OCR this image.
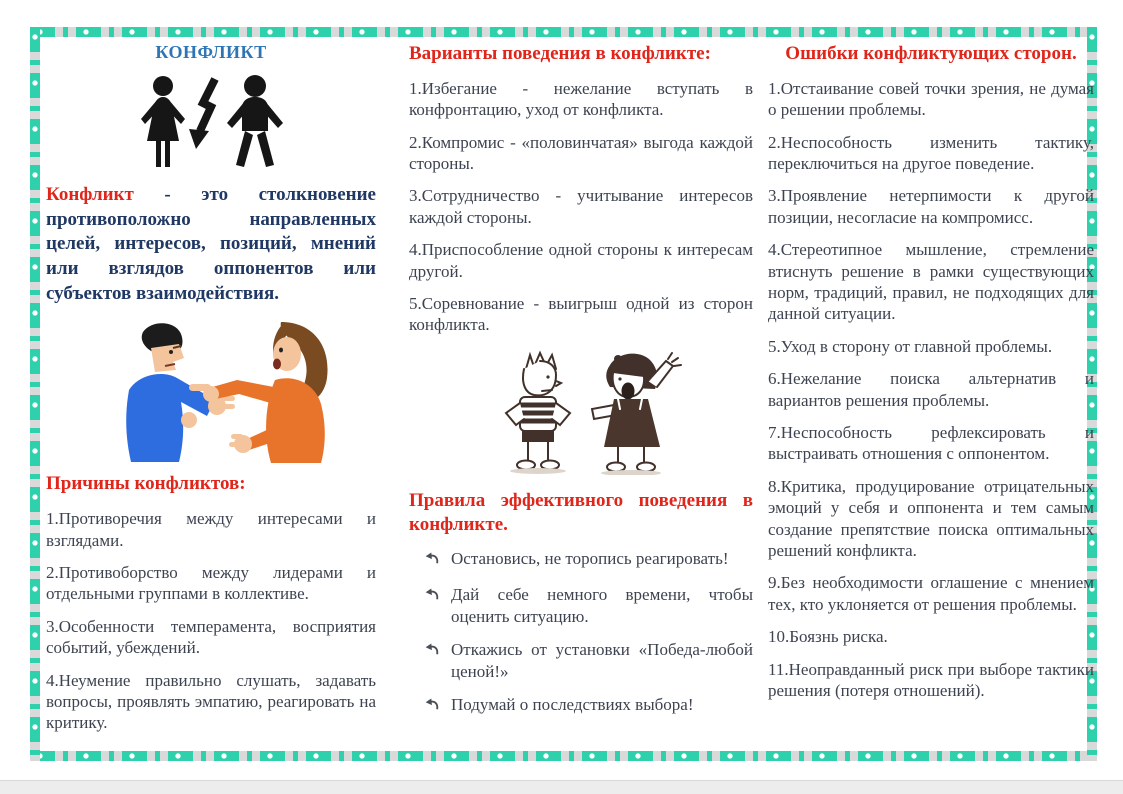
КОНФЛИКТ

Конфликт - это столкновение противоположно направленных целей, интересов, позиций, мнений или взглядов оппонентов или субъектов взаимодействия.

Причины конфликтов:

1.Противоречия между интересами и взглядами.

2.Противоборство между лидерами и отдельными группами в коллективе.

3.Особенности темперамента, восприятия событий, убеждений.

4.Неумение правильно слушать, задавать вопросы, проявлять эмпатию, реагировать на критику.

Варианты поведения в конфликте:

1.Избегание - нежелание вступать в конфронтацию, уход от конфликта.

2.Компромис - «половинчатая» выгода каждой стороны.

3.Сотрудничество - учитывание интересов каждой стороны.

4.Приспособление одной стороны к интересам другой.

5.Соревнование - выигрыш одной из сторон конфликта.

Правила эффективного поведения в конфликте.
Остановись, не торопись реагировать!
Дай себе немного времени, чтобы оценить ситуацию.
Откажись от установки «Победа-любой ценой!»
Подумай о последствиях выбора!
Ошибки конфликтующих сторон.

1.Отстаивание совей точки зрения, не думая о решении проблемы.

2.Неспособность изменить тактику, переключиться на другое поведение.

3.Проявление нетерпимости к другой позиции, несогласие на компромисс.

4.Стереотипное мышление, стремление втиснуть решение в рамки существующих норм, традиций, правил, не подходящих для данной ситуации.

5.Уход в сторону от главной проблемы.

6.Нежелание поиска альтернатив и вариантов решения проблемы.

7.Неспособность рефлексировать и выстраивать отношения с оппонентом.

8.Критика, продуцирование отрицательных эмоций у себя и оппонента и тем самым создание препятствие поиска оптимальных решений конфликта.

9.Без необходимости оглашение с мнением тех, кто уклоняется от решения проблемы.

10.Боязнь риска.

11.Неоправданный риск при выборе тактики решения (потеря отношений).
